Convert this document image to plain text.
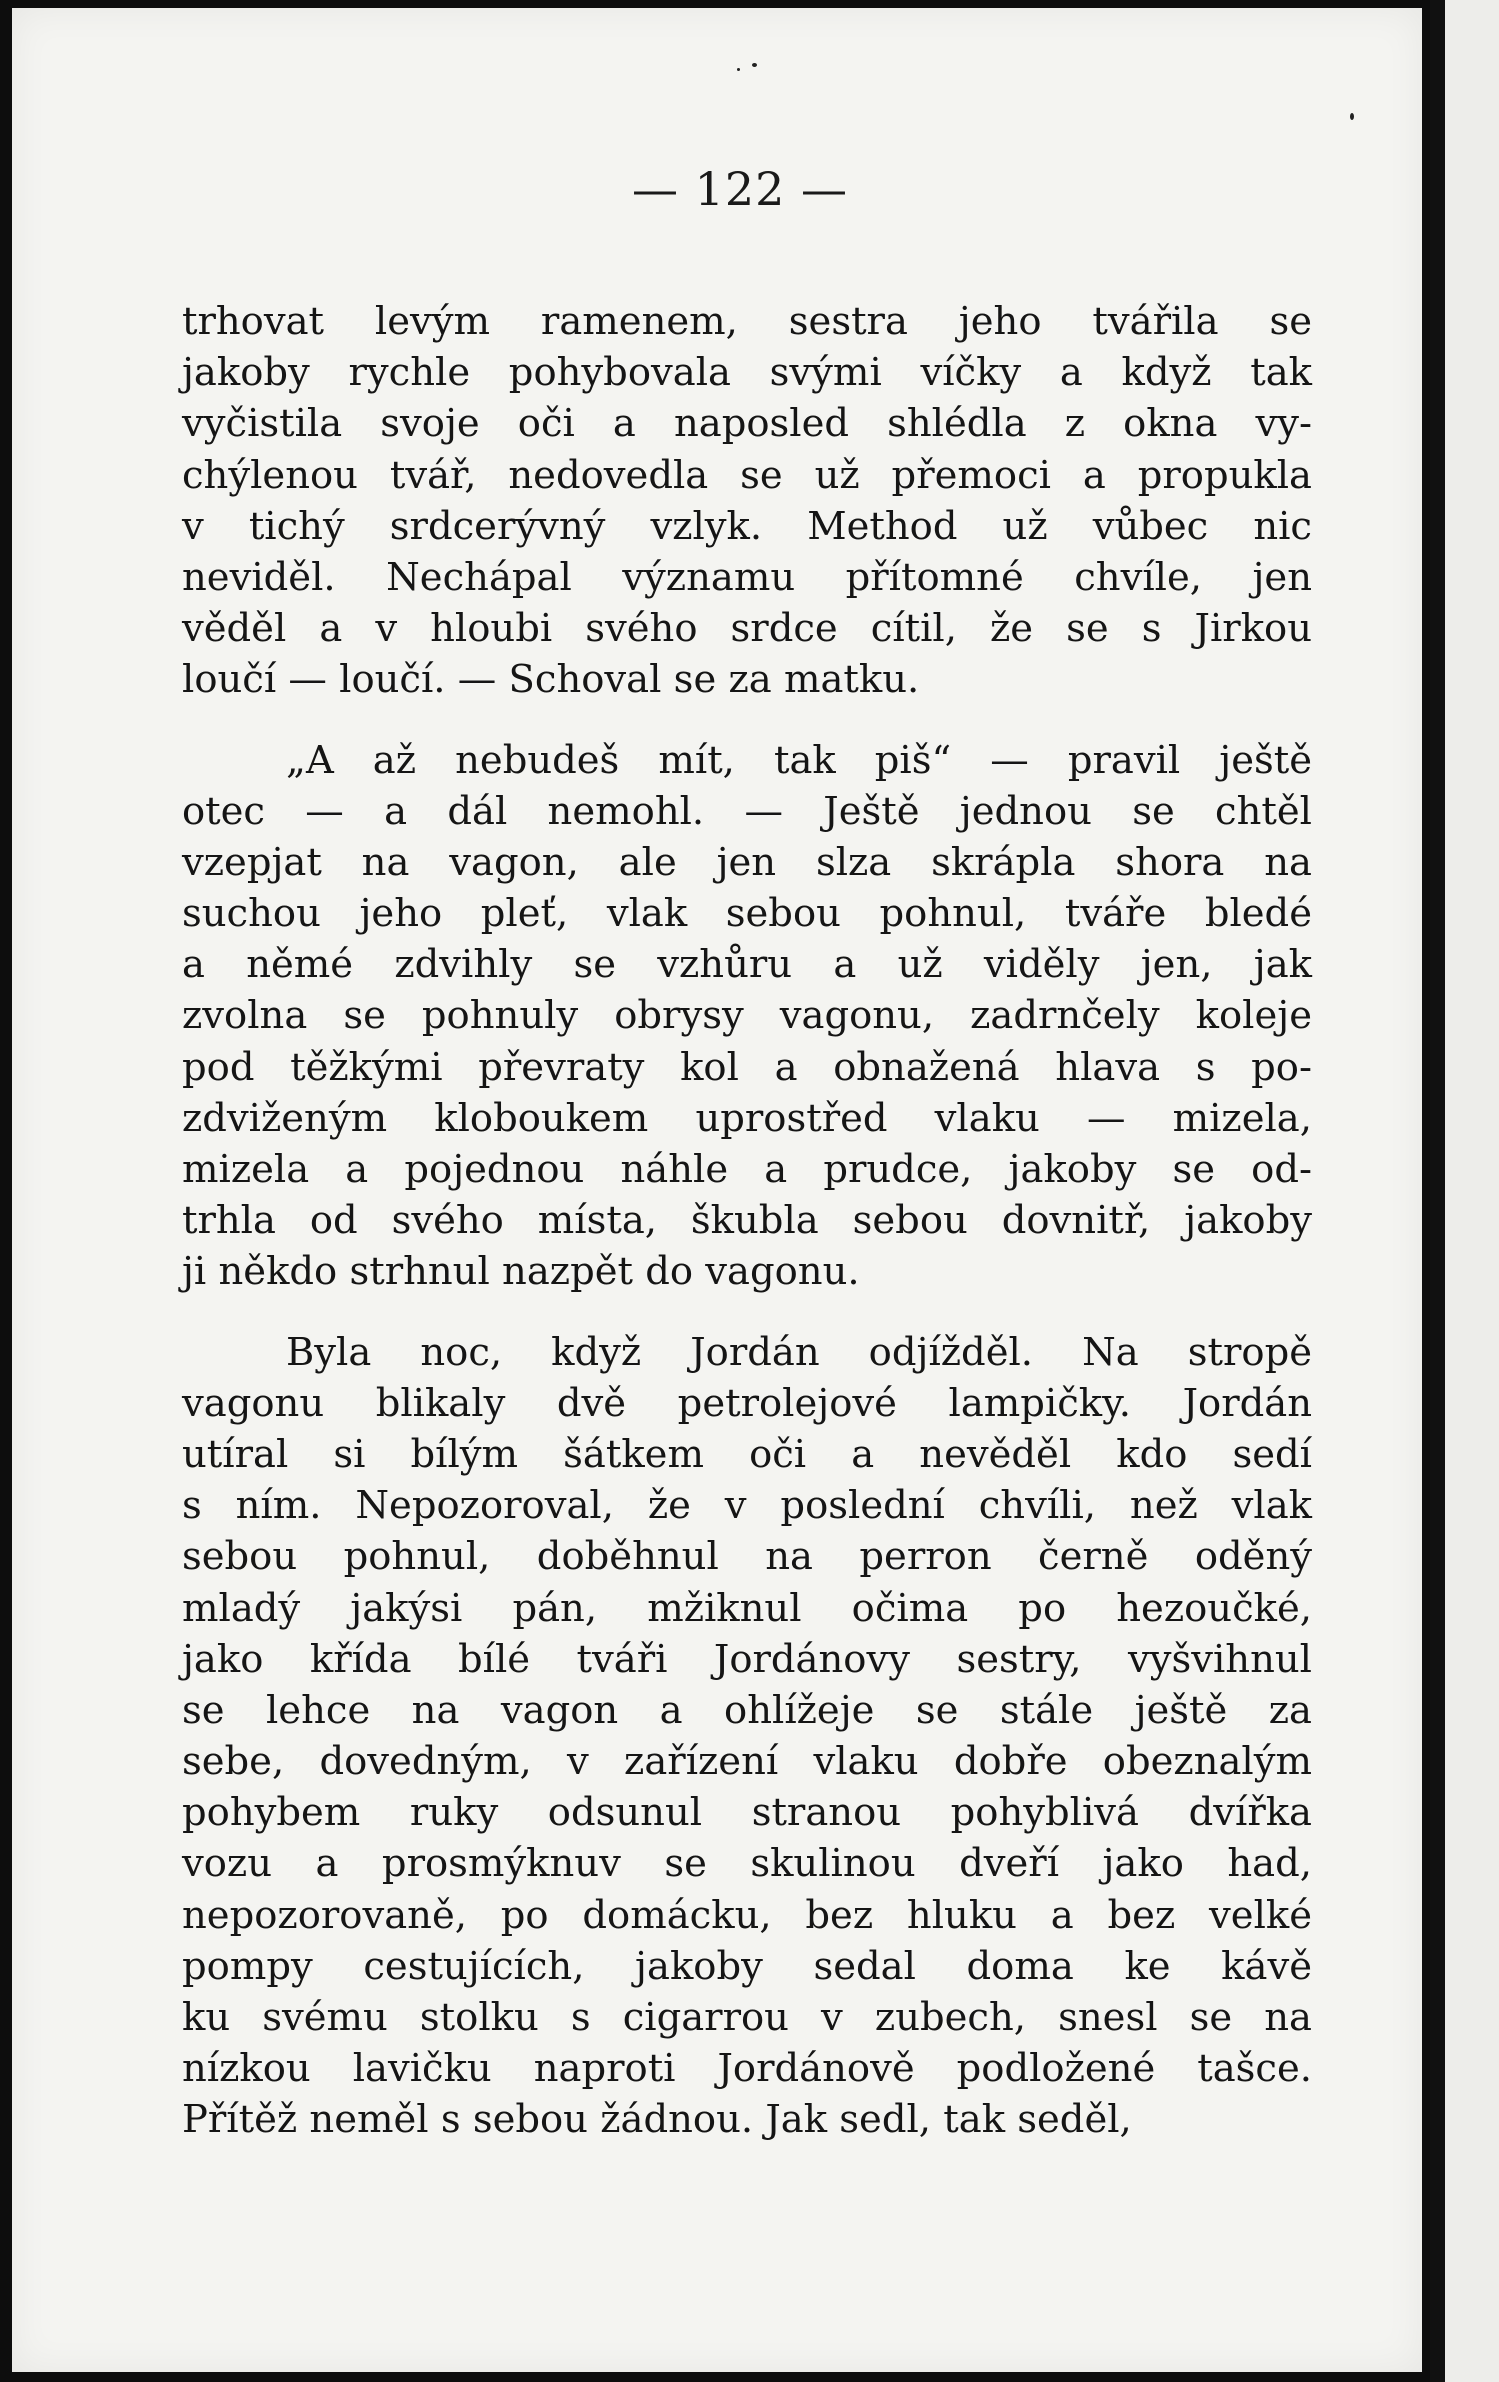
— 122 —
trhovat levým ramenem, sestra jeho tvářila se
jakoby rychle pohybovala svými víčky a když tak
vyčistila svoje oči a naposled shlédla z okna vy-
chýlenou tvář, nedovedla se už přemoci a propukla
v tichý srdcerývný vzlyk. Method už vůbec nic
neviděl. Nechápal významu přítomné chvíle, jen
věděl a v hloubi svého srdce cítil, že se s Jirkou
loučí — loučí. — Schoval se za matku.
„A až nebudeš mít, tak piš“ — pravil ještě
otec — a dál nemohl. — Ještě jednou se chtěl
vzepjat na vagon, ale jen slza skrápla shora na
suchou jeho pleť, vlak sebou pohnul, tváře bledé
a němé zdvihly se vzhůru a už viděly jen, jak
zvolna se pohnuly obrysy vagonu, zadrnčely koleje
pod těžkými převraty kol a obnažená hlava s po-
zdviženým kloboukem uprostřed vlaku — mizela,
mizela a pojednou náhle a prudce, jakoby se od-
trhla od svého místa, škubla sebou dovnitř, jakoby
ji někdo strhnul nazpět do vagonu.
Byla noc, když Jordán odjížděl. Na stropě
vagonu blikaly dvě petrolejové lampičky. Jordán
utíral si bílým šátkem oči a nevěděl kdo sedí
s ním. Nepozoroval, že v poslední chvíli, než vlak
sebou pohnul, doběhnul na perron černě oděný
mladý jakýsi pán, mžiknul očima po hezoučké,
jako křída bílé tváři Jordánovy sestry, vyšvihnul
se lehce na vagon a ohlížeje se stále ještě za
sebe, dovedným, v zařízení vlaku dobře obeznalým
pohybem ruky odsunul stranou pohyblivá dvířka
vozu a prosmýknuv se skulinou dveří jako had,
nepozorovaně, po domácku, bez hluku a bez velké
pompy cestujících, jakoby sedal doma ke kávě
ku svému stolku s cigarrou v zubech, snesl se na
nízkou lavičku naproti Jordánově podložené tašce.
Přítěž neměl s sebou žádnou. Jak sedl, tak seděl,
